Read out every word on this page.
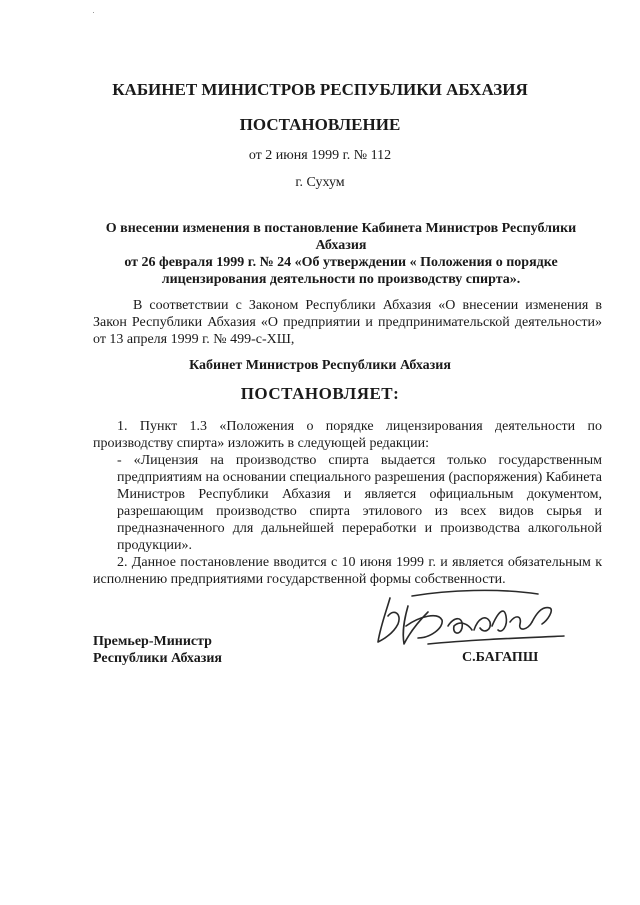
КАБИНЕТ МИНИСТРОВ РЕСПУБЛИКИ АБХАЗИЯ
ПОСТАНОВЛЕНИЕ
от 2 июня 1999 г. № 112
г. Сухум
О внесении изменения в постановление Кабинета Министров Республики Абхазия
от 26 февраля 1999 г. № 24 «Об утверждении « Положения о порядке
лицензирования деятельности по производству спирта».
В соответствии с Законом Республики Абхазия «О внесении изменения в Закон Республики Абхазия «О предприятии и предпринимательской деятельности» от 13 апреля 1999 г. № 499-с-ХШ,
Кабинет Министров Республики Абхазия
ПОСТАНОВЛЯЕТ:

1. Пункт 1.3 «Положения о порядке лицензирования деятельности по производству спирта» изложить в следующей редакции:

- «Лицензия на производство спирта выдается только государственным предприятиям на основании специального разрешения (распоряжения) Кабинета Министров Республики Абхазия и является официальным документом, разрешающим производство спирта этилового из всех видов сырья и предназначенного для дальнейшей переработки и производства алкогольной продукции».

2. Данное постановление вводится с 10 июня 1999 г. и является обязательным к исполнению предприятиями государственной формы собственности.

Премьер-Министр
Республики Абхазия	С.БАГАПШ
